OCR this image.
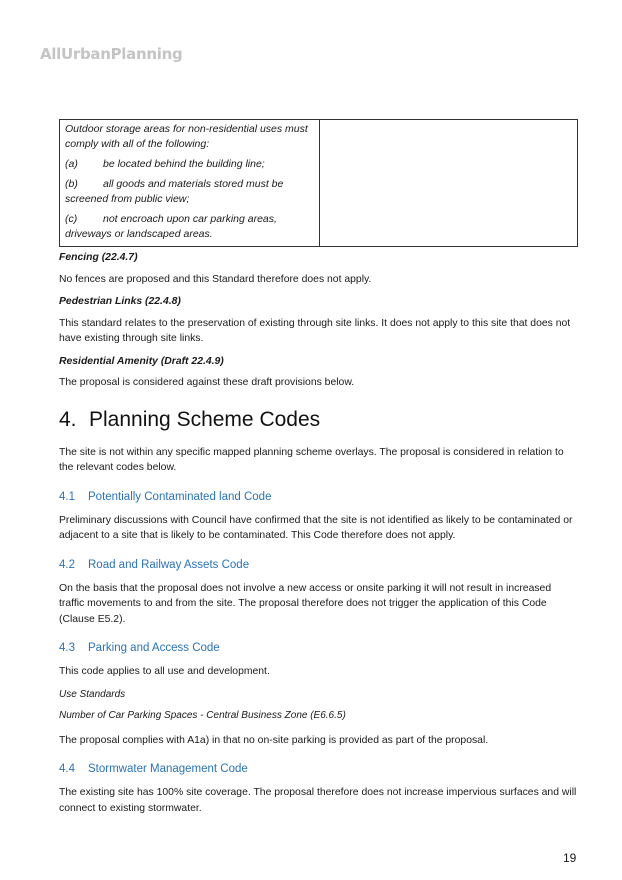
AllUrbanPlanning

Outdoor storage areas for non-residential uses must comply with all of the following:

(a) be located behind the building line;

(b) all goods and materials stored must be screened from public view;

(c) not encroach upon car parking areas, driveways or landscaped areas.

Fencing (22.4.7)

No fences are proposed and this Standard therefore does not apply.

Pedestrian Links (22.4.8)

This standard relates to the preservation of existing through site links. It does not apply to this site that does not have existing through site links.

Residential Amenity (Draft 22.4.9)

The proposal is considered against these draft provisions below.

4. Planning Scheme Codes

The site is not within any specific mapped planning scheme overlays. The proposal is considered in relation to the relevant codes below.

4.1 Potentially Contaminated land Code

Preliminary discussions with Council have confirmed that the site is not identified as likely to be contaminated or adjacent to a site that is likely to be contaminated. This Code therefore does not apply.

4.2 Road and Railway Assets Code

On the basis that the proposal does not involve a new access or onsite parking it will not result in increased traffic movements to and from the site. The proposal therefore does not trigger the application of this Code (Clause E5.2).

4.3 Parking and Access Code

This code applies to all use and development.

Use Standards

Number of Car Parking Spaces - Central Business Zone (E6.6.5)

The proposal complies with A1a) in that no on-site parking is provided as part of the proposal.

4.4 Stormwater Management Code

The existing site has 100% site coverage. The proposal therefore does not increase impervious surfaces and will connect to existing stormwater.

19
